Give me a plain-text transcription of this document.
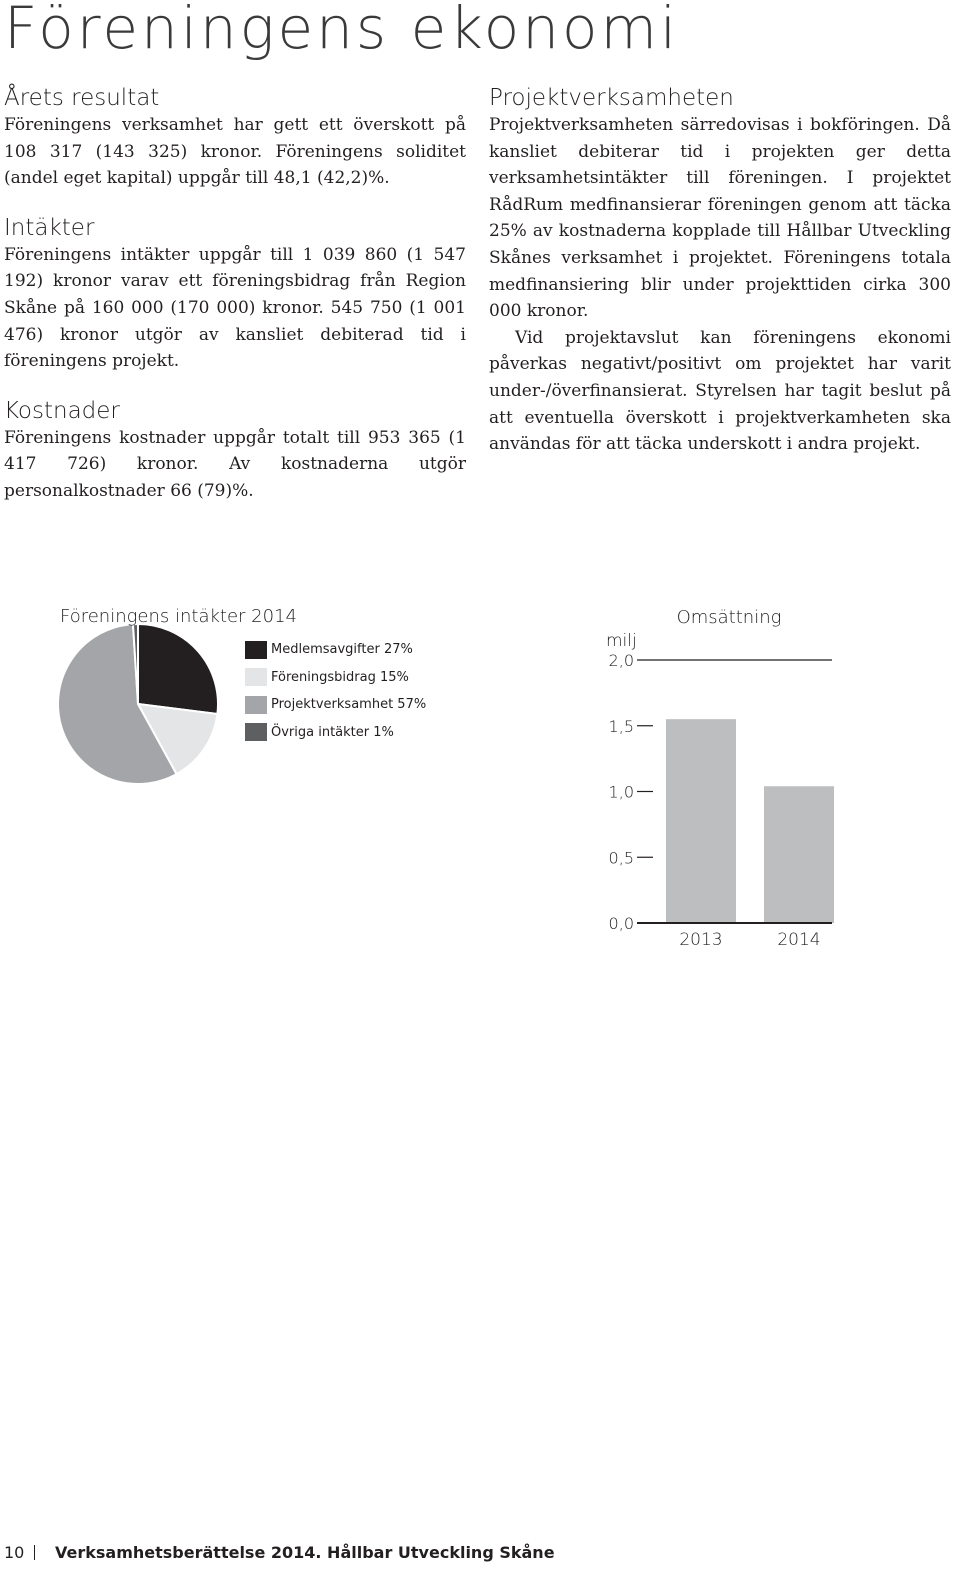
Föreningens ekonomi
Årets resultat

Föreningens verksamhet har gett ett överskott på 108 317 (143 325) kronor. Föreningens soliditet (andel eget kapital) uppgår till 48,1 (42,2)%.

Intäkter

Föreningens intäkter uppgår till 1 039 860 (1 547 192) kronor varav ett föreningsbidrag från Region Skåne på 160 000 (170 000) kronor. 545 750 (1 001 476) kronor utgör av kansliet debiterad tid i föreningens projekt.

Kostnader

Föreningens kostnader uppgår totalt till 953 365 (1 417 726) kronor. Av kostnaderna utgör personalkostnader 66 (79)%.

Projektverksamheten

Projektverksamheten särredovisas i bokföringen. Då kansliet debiterar tid i projekten ger detta verksamhetsintäkter till föreningen. I projektet RådRum medfinansierar föreningen genom att täcka 25% av kostnaderna kopplade till Hållbar Utveckling Skånes verksamhet i projektet. Föreningens totala medfinansiering blir under projekttiden cirka 300 000 kronor.

Vid projektavslut kan föreningens ekonomi påverkas negativt/positivt om projektet har varit under-/överfinansierat. Styrelsen har tagit beslut på att eventuella överskott i projektverkamheten ska användas för att täcka underskott i andra projekt.

Föreningens intäkter 2014
Medlemsavgifter 27%
Föreningsbidrag 15%
Projektverksamhet 57%
Övriga intäkter 1%
Omsättning
milj
2013	2014
0,0
0,5
1,0
1,5
2,0
10 Verksamhetsberättelse 2014. Hållbar Utveckling Skåne
